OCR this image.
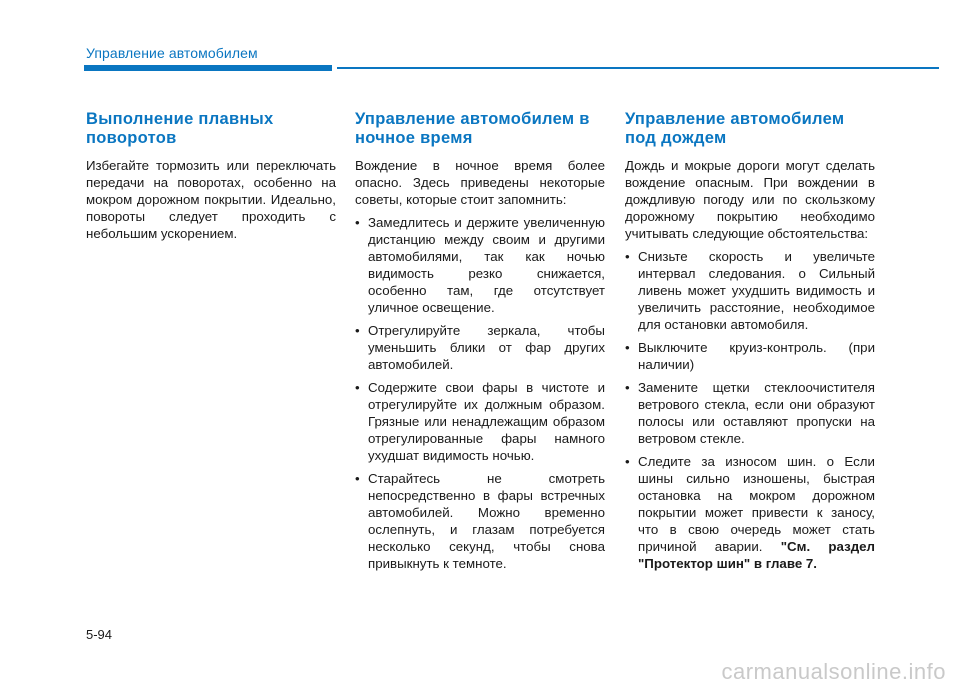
Управление автомобилем
Выполнение плавных поворотов

Избегайте тормозить или переключать передачи на поворотах, особенно на мокром дорожном покрытии. Идеально, повороты следует проходить с небольшим ускорением.

Управление автомобилем в ночное время

Вождение в ночное время более опасно. Здесь приведены некоторые советы, которые стоит запомнить:

• Замедлитесь и держите увеличенную дистанцию между своим и другими автомобилями, так как ночью видимость резко снижается, особенно там, где отсутствует уличное освещение.
• Отрегулируйте зеркала, чтобы уменьшить блики от фар других автомобилей.
• Содержите свои фары в чистоте и отрегулируйте их должным образом. Грязные или ненадлежащим образом отрегулированные фары намного ухудшат видимость ночью.
• Старайтесь не смотреть непосредственно в фары встречных автомобилей. Можно временно ослепнуть, и глазам потребуется несколько секунд, чтобы снова привыкнуть к темноте.
Управление автомобилем под дождем

Дождь и мокрые дороги могут сделать вождение опасным. При вождении в дождливую погоду или по скользкому дорожному покрытию необходимо учитывать следующие обстоятельства:

• Снизьте скорость и увеличьте интервал следования. о Сильный ливень может ухудшить видимость и увеличить расстояние, необходимое для остановки автомобиля.
• Выключите круиз-контроль. (при наличии)
• Замените щетки стеклоочистителя ветрового стекла, если они образуют полосы или оставляют пропуски на ветровом стекле.
• Следите за износом шин. о Если шины сильно изношены, быстрая остановка на мокром дорожном покрытии может привести к заносу, что в свою очередь может стать причиной аварии. "См. раздел "Протектор шин" в главе 7.
5-94
carmanualsonline.info
